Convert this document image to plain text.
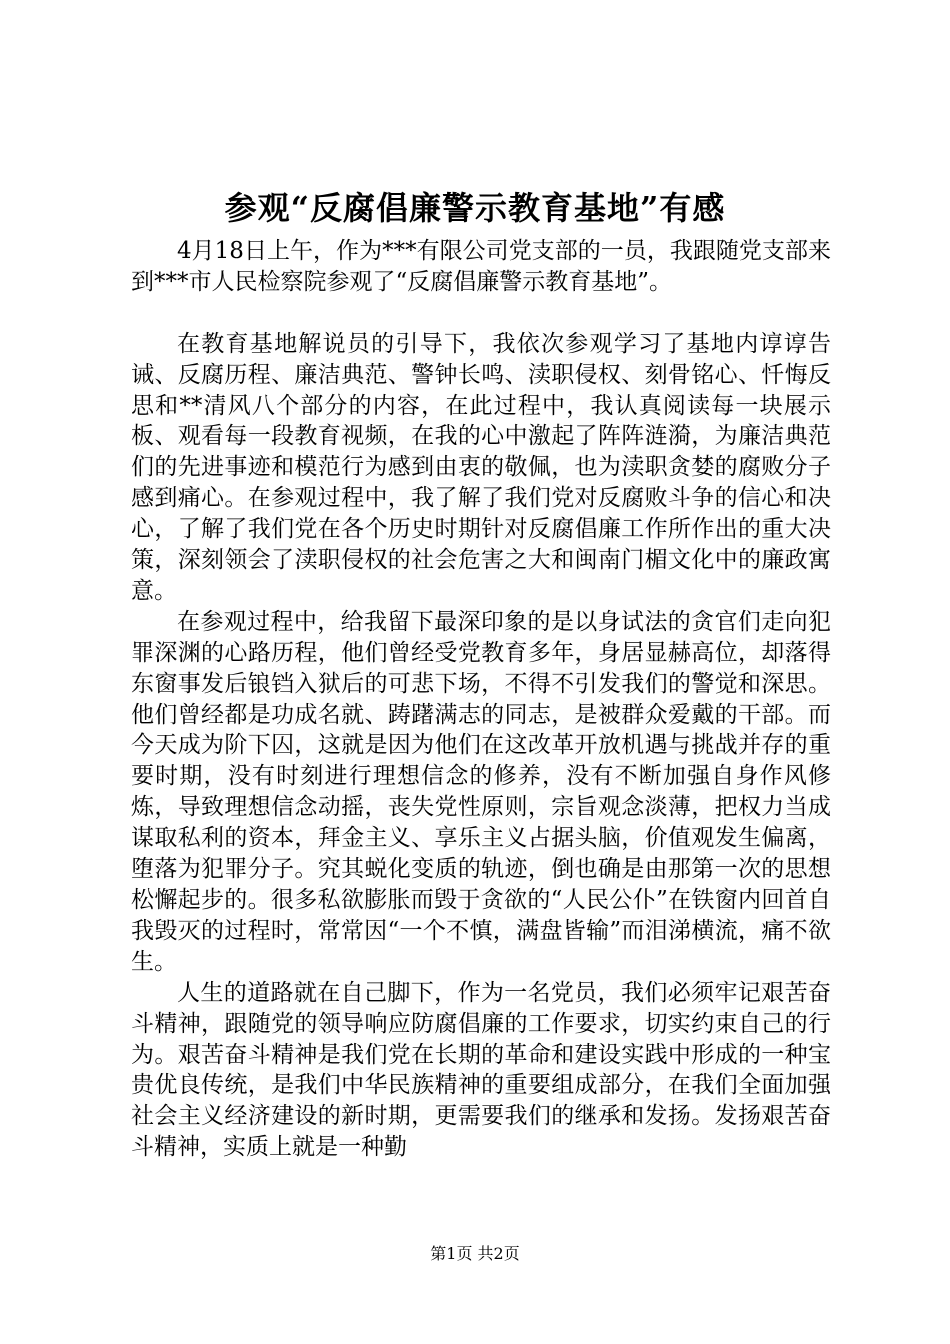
参观“反腐倡廉警示教育基地”有感

4月18日上午，作为***有限公司党支部的一员，我跟随党支部来到***市人民检察院参观了“反腐倡廉警示教育基地”。

在教育基地解说员的引导下，我依次参观学习了基地内谆谆告诫、反腐历程、廉洁典范、警钟长鸣、渎职侵权、刻骨铭心、忏悔反思和**清风八个部分的内容，在此过程中，我认真阅读每一块展示板、观看每一段教育视频，在我的心中激起了阵阵涟漪，为廉洁典范们的先进事迹和模范行为感到由衷的敬佩，也为渎职贪婪的腐败分子感到痛心。在参观过程中，我了解了我们党对反腐败斗争的信心和决心，了解了我们党在各个历史时期针对反腐倡廉工作所作出的重大决策，深刻领会了渎职侵权的社会危害之大和闽南门楣文化中的廉政寓意。

在参观过程中，给我留下最深印象的是以身试法的贪官们走向犯罪深渊的心路历程，他们曾经受党教育多年，身居显赫高位，却落得东窗事发后锒铛入狱后的可悲下场，不得不引发我们的警觉和深思。他们曾经都是功成名就、踌躇满志的同志，是被群众爱戴的干部。而今天成为阶下囚，这就是因为他们在这改革开放机遇与挑战并存的重要时期，没有时刻进行理想信念的修养，没有不断加强自身作风修炼，导致理想信念动摇，丧失党性原则，宗旨观念淡薄，把权力当成谋取私利的资本，拜金主义、享乐主义占据头脑，价值观发生偏离，堕落为犯罪分子。究其蜕化变质的轨迹，倒也确是由那第一次的思想松懈起步的。很多私欲膨胀而毁于贪欲的“人民公仆”在铁窗内回首自我毁灭的过程时，常常因“一个不慎，满盘皆输”而泪涕横流，痛不欲生。

人生的道路就在自己脚下，作为一名党员，我们必须牢记艰苦奋斗精神，跟随党的领导响应防腐倡廉的工作要求，切实约束自己的行为。艰苦奋斗精神是我们党在长期的革命和建设实践中形成的一种宝贵优良传统，是我们中华民族精神的重要组成部分，在我们全面加强社会主义经济建设的新时期，更需要我们的继承和发扬。发扬艰苦奋斗精神，实质上就是一种勤

第1页 共2页
